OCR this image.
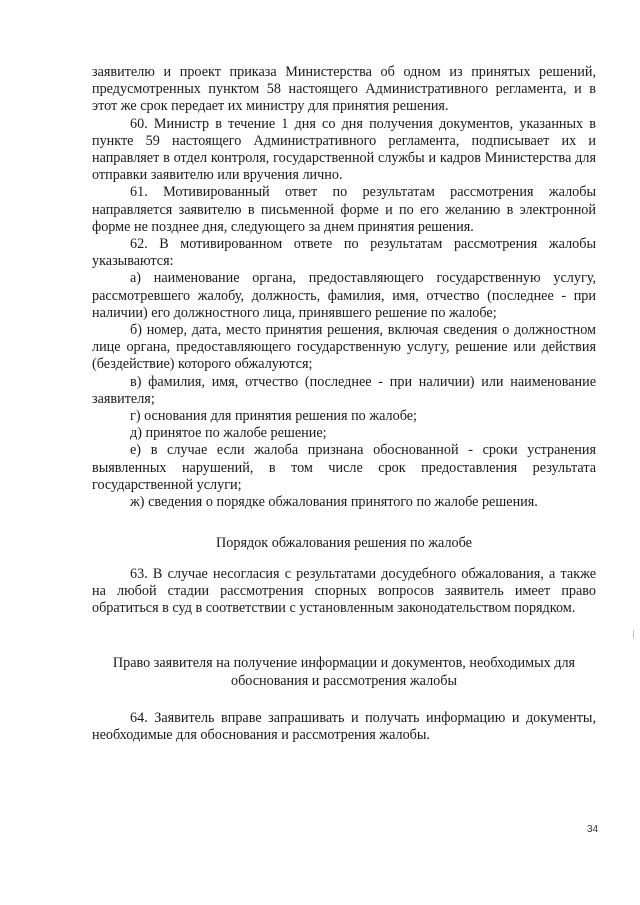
заявителю и проект приказа Министерства об одном из принятых решений, предусмотренных пунктом 58 настоящего Административного регламента, и в этот же срок передает их министру для принятия решения.

60. Министр в течение 1 дня со дня получения документов, указанных в пункте 59 настоящего Административного регламента, подписывает их и направляет в отдел контроля, государственной службы и кадров Министерства для отправки заявителю или вручения лично.

61. Мотивированный ответ по результатам рассмотрения жалобы направляется заявителю в письменной форме и по его желанию в электронной форме не позднее дня, следующего за днем принятия решения.

62. В мотивированном ответе по результатам рассмотрения жалобы указываются:

а) наименование органа, предоставляющего государственную услугу, рассмотревшего жалобу, должность, фамилия, имя, отчество (последнее - при наличии) его должностного лица, принявшего решение по жалобе;

б) номер, дата, место принятия решения, включая сведения о должностном лице органа, предоставляющего государственную услугу, решение или действия (бездействие) которого обжалуются;

в) фамилия, имя, отчество (последнее - при наличии) или наименование заявителя;

г) основания для принятия решения по жалобе;

д) принятое по жалобе решение;

е) в случае если жалоба признана обоснованной - сроки устранения выявленных нарушений, в том числе срок предоставления результата государственной услуги;

ж) сведения о порядке обжалования принятого по жалобе решения.

Порядок обжалования решения по жалобе

63. В случае несогласия с результатами досудебного обжалования, а также на любой стадии рассмотрения спорных вопросов заявитель имеет право обратиться в суд в соответствии с установленным законодательством порядком.

Право заявителя на получение информации и документов, необходимых для обоснования и рассмотрения жалобы

64. Заявитель вправе запрашивать и получать информацию и документы, необходимые для обоснования и рассмотрения жалобы.

34
